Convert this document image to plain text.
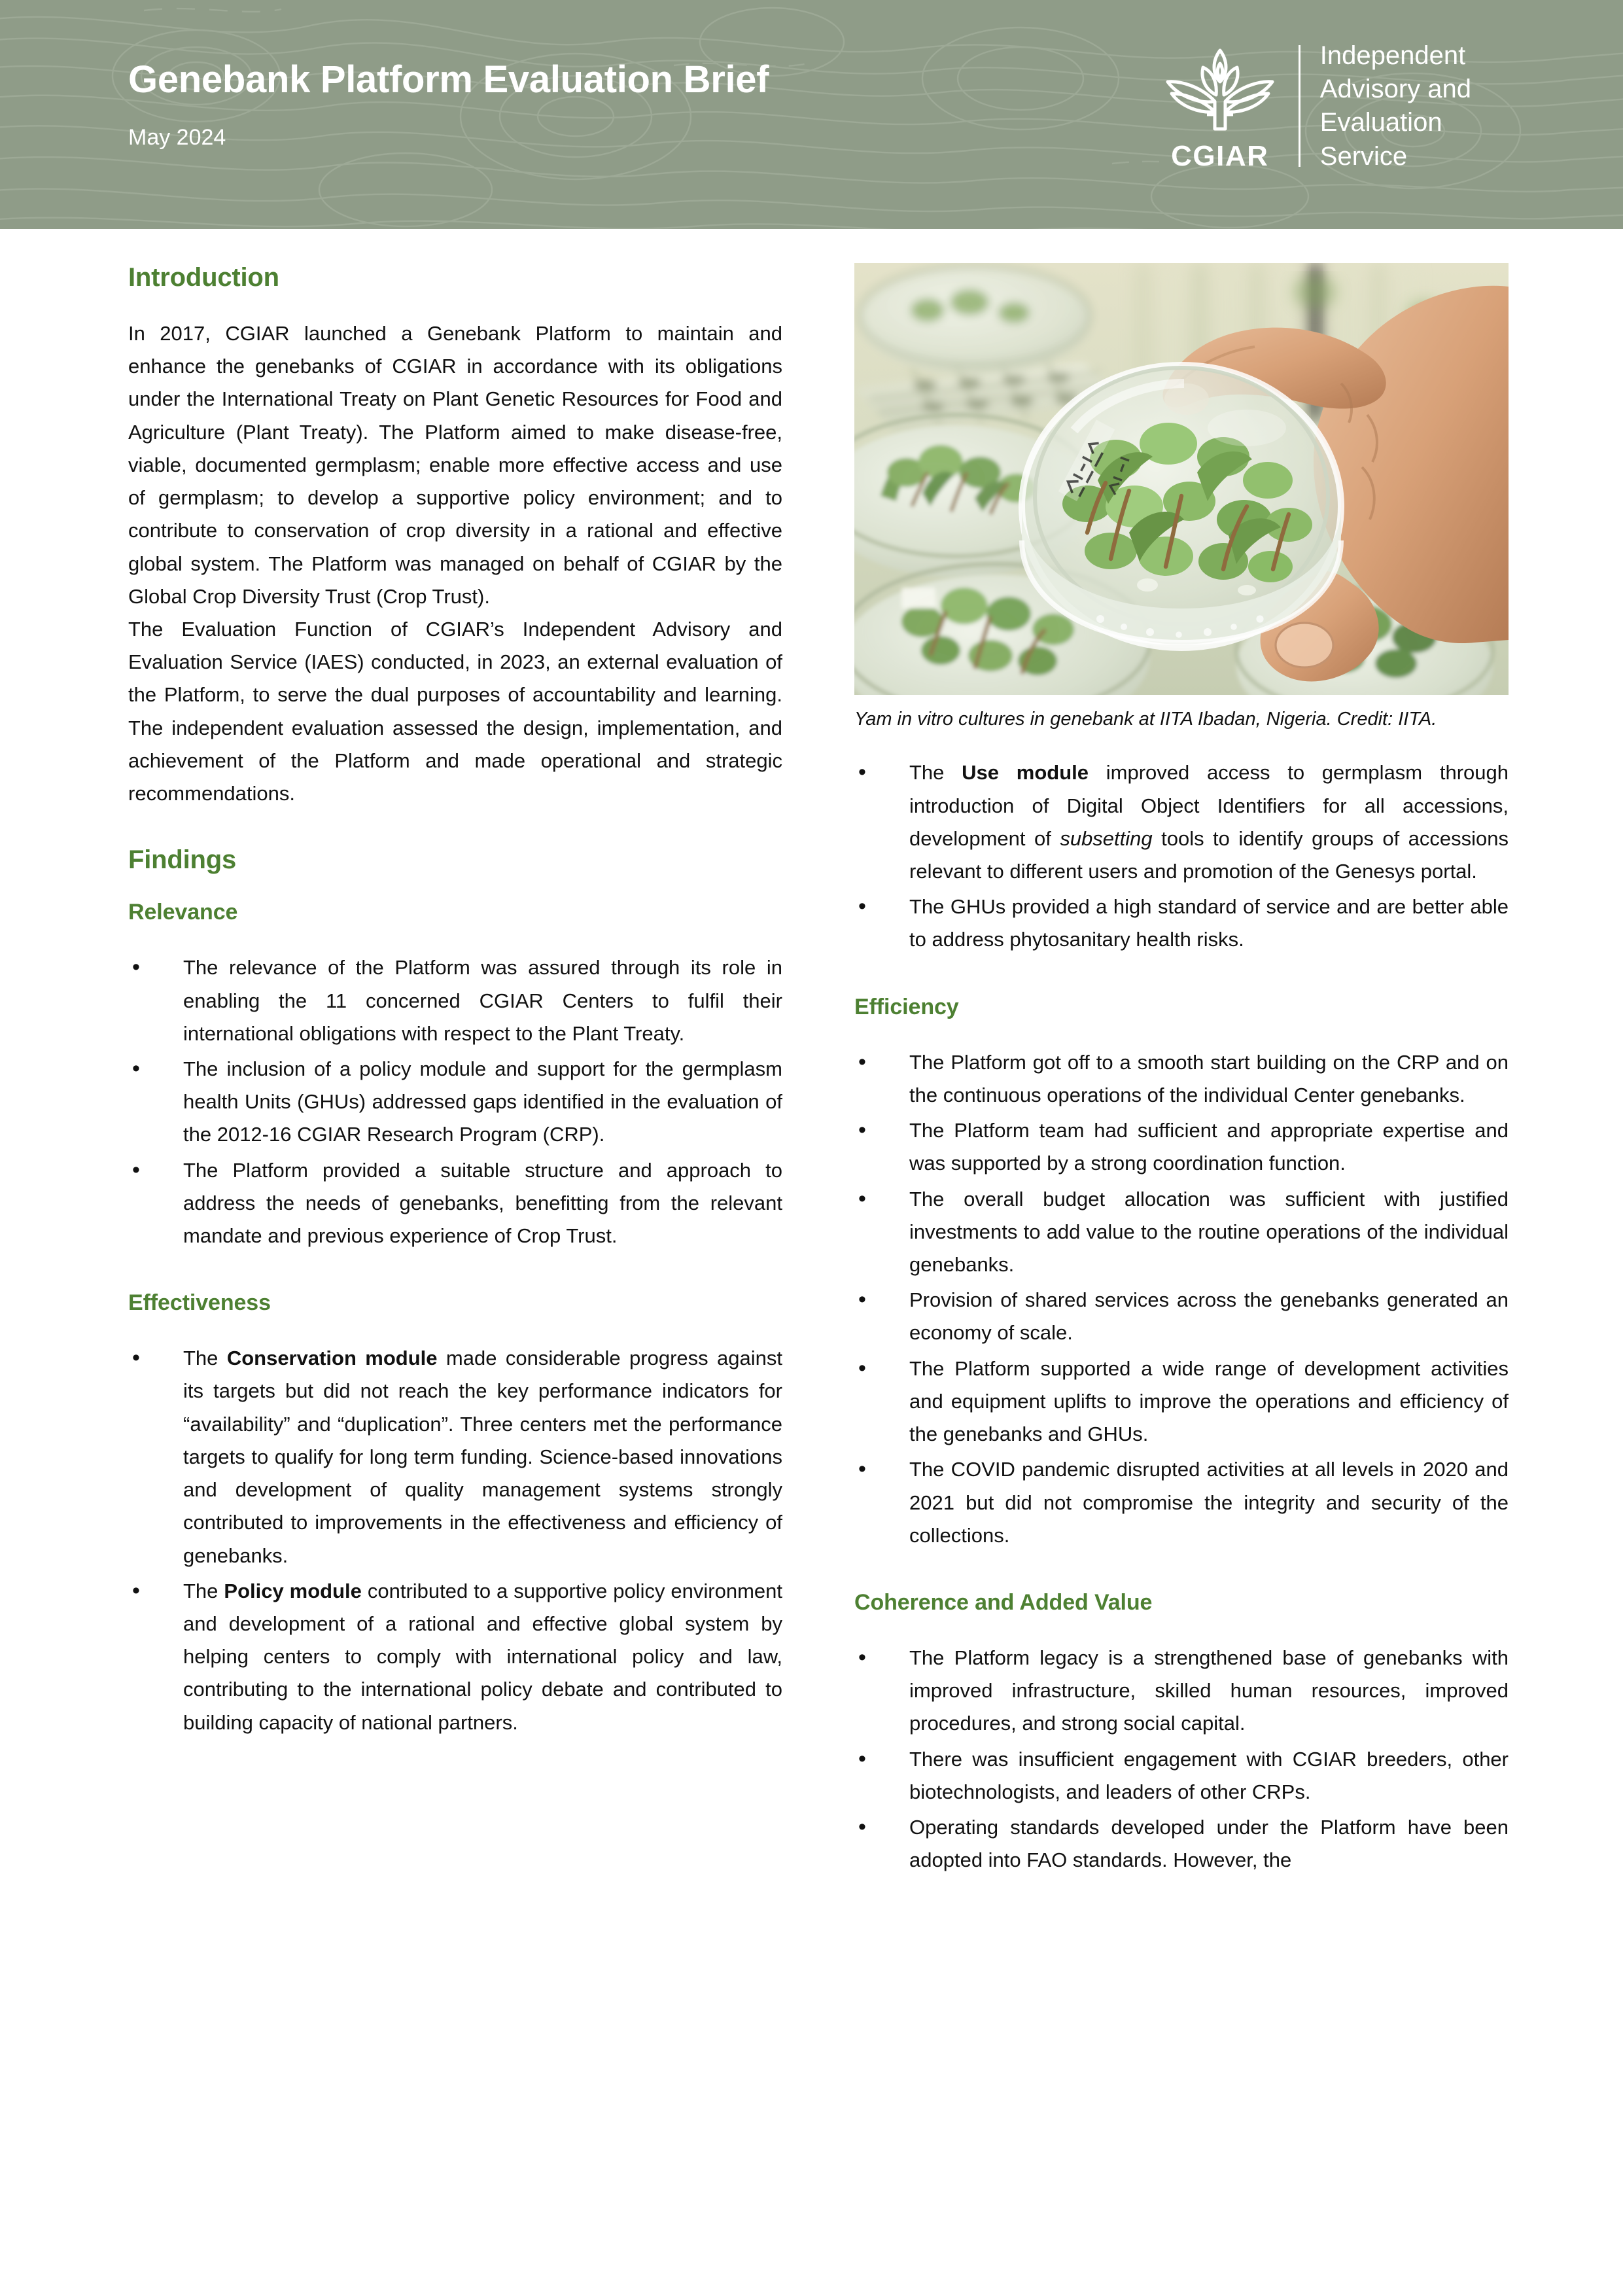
Genebank Platform Evaluation Brief
May 2024
CGIAR
Independent
Advisory and
Evaluation
Service
Introduction

In 2017, CGIAR launched a Genebank Platform to maintain and enhance the genebanks of CGIAR in accordance with its obligations under the International Treaty on Plant Genetic Resources for Food and Agriculture (Plant Treaty). The Platform aimed to make disease-free, viable, documented germplasm; enable more effective access and use of germplasm; to develop a supportive policy environment; and to contribute to conservation of crop diversity in a rational and effective global system. The Platform was managed on behalf of CGIAR by the Global Crop Diversity Trust (Crop Trust).

The Evaluation Function of CGIAR’s Independent Advisory and Evaluation Service (IAES) conducted, in 2023, an external evaluation of the Platform, to serve the dual purposes of accountability and learning. The independent evaluation assessed the design, implementation, and achievement of the Platform and made operational and strategic recommendations.

Findings
Relevance
• The relevance of the Platform was assured through its role in enabling the 11 concerned CGIAR Centers to fulfil their international obligations with respect to the Plant Treaty.
• The inclusion of a policy module and support for the germplasm health Units (GHUs) addressed gaps identified in the evaluation of the 2012-16 CGIAR Research Program (CRP).
• The Platform provided a suitable structure and approach to address the needs of genebanks, benefitting from the relevant mandate and previous experience of Crop Trust.
Effectiveness
• The Conservation module made considerable progress against its targets but did not reach the key performance indicators for “availability” and “duplication”. Three centers met the performance targets to qualify for long term funding. Science-based innovations and development of quality management systems strongly contributed to improvements in the effectiveness and efficiency of genebanks.
• The Policy module contributed to a supportive policy environment and development of a rational and effective global system by helping centers to comply with international policy and law, contributing to the international policy debate and contributed to building capacity of national partners.
Yam in vitro cultures in genebank at IITA Ibadan, Nigeria. Credit: IITA.
• The Use module improved access to germplasm through introduction of Digital Object Identifiers for all accessions, development of subsetting tools to identify groups of accessions relevant to different users and promotion of the Genesys portal.
• The GHUs provided a high standard of service and are better able to address phytosanitary health risks.
Efficiency
• The Platform got off to a smooth start building on the CRP and on the continuous operations of the individual Center genebanks.
• The Platform team had sufficient and appropriate expertise and was supported by a strong coordination function.
• The overall budget allocation was sufficient with justified investments to add value to the routine operations of the individual genebanks.
• Provision of shared services across the genebanks generated an economy of scale.
• The Platform supported a wide range of development activities and equipment uplifts to improve the operations and efficiency of the genebanks and GHUs.
• The COVID pandemic disrupted activities at all levels in 2020 and 2021 but did not compromise the integrity and security of the collections.
Coherence and Added Value
• The Platform legacy is a strengthened base of genebanks with improved infrastructure, skilled human resources, improved procedures, and strong social capital.
• There was insufficient engagement with CGIAR breeders, other biotechnologists, and leaders of other CRPs.
• Operating standards developed under the Platform have been adopted into FAO standards. However, the
